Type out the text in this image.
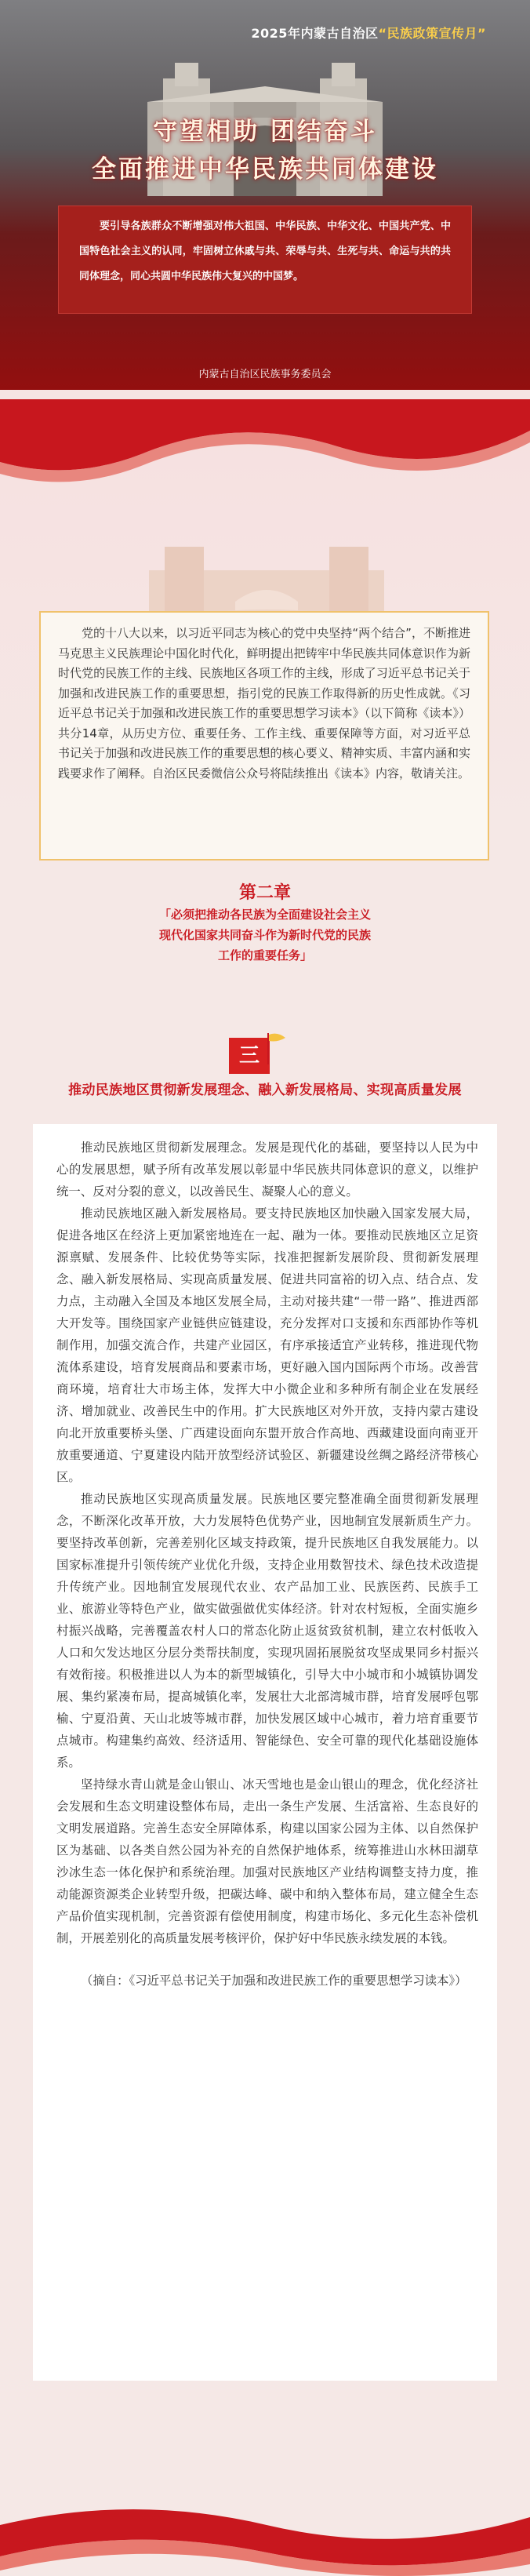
2025年内蒙古自治区“民族政策宣传月”
守望相助 团结奋斗
全面推进中华民族共同体建设
要引导各族群众不断增强对伟大祖国、中华民族、中华文化、中国共产党、中国特色社会主义的认同，牢固树立休戚与共、荣辱与共、生死与共、命运与共的共同体理念，同心共圆中华民族伟大复兴的中国梦。
内蒙古自治区民族事务委员会
党的十八大以来，以习近平同志为核心的党中央坚持“两个结合”，不断推进马克思主义民族理论中国化时代化，鲜明提出把铸牢中华民族共同体意识作为新时代党的民族工作的主线、民族地区各项工作的主线，形成了习近平总书记关于加强和改进民族工作的重要思想，指引党的民族工作取得新的历史性成就。《习近平总书记关于加强和改进民族工作的重要思想学习读本》（以下简称《读本》）共分14章，从历史方位、重要任务、工作主线、重要保障等方面，对习近平总书记关于加强和改进民族工作的重要思想的核心要义、精神实质、丰富内涵和实践要求作了阐释。自治区民委微信公众号将陆续推出《读本》内容，敬请关注。
第二章
「必须把推动各民族为全面建设社会主义
现代化国家共同奋斗作为新时代党的民族
工作的重要任务」
三
推动民族地区贯彻新发展理念、融入新发展格局、实现高质量发展

推动民族地区贯彻新发展理念。发展是现代化的基础，要坚持以人民为中心的发展思想，赋予所有改革发展以彰显中华民族共同体意识的意义，以维护统一、反对分裂的意义，以改善民生、凝聚人心的意义。

推动民族地区融入新发展格局。要支持民族地区加快融入国家发展大局，促进各地区在经济上更加紧密地连在一起、融为一体。要推动民族地区立足资源禀赋、发展条件、比较优势等实际，找准把握新发展阶段、贯彻新发展理念、融入新发展格局、实现高质量发展、促进共同富裕的切入点、结合点、发力点，主动融入全国及本地区发展全局，主动对接共建“一带一路”、推进西部大开发等。围绕国家产业链供应链建设，充分发挥对口支援和东西部协作等机制作用，加强交流合作，共建产业园区，有序承接适宜产业转移，推进现代物流体系建设，培育发展商品和要素市场，更好融入国内国际两个市场。改善营商环境，培育壮大市场主体，发挥大中小微企业和多种所有制企业在发展经济、增加就业、改善民生中的作用。扩大民族地区对外开放，支持内蒙古建设向北开放重要桥头堡、广西建设面向东盟开放合作高地、西藏建设面向南亚开放重要通道、宁夏建设内陆开放型经济试验区、新疆建设丝绸之路经济带核心区。

推动民族地区实现高质量发展。民族地区要完整准确全面贯彻新发展理念，不断深化改革开放，大力发展特色优势产业，因地制宜发展新质生产力。要坚持改革创新，完善差别化区域支持政策，提升民族地区自我发展能力。以国家标准提升引领传统产业优化升级，支持企业用数智技术、绿色技术改造提升传统产业。因地制宜发展现代农业、农产品加工业、民族医药、民族手工业、旅游业等特色产业，做实做强做优实体经济。针对农村短板，全面实施乡村振兴战略，完善覆盖农村人口的常态化防止返贫致贫机制，建立农村低收入人口和欠发达地区分层分类帮扶制度，实现巩固拓展脱贫攻坚成果同乡村振兴有效衔接。积极推进以人为本的新型城镇化，引导大中小城市和小城镇协调发展、集约紧凑布局，提高城镇化率，发展壮大北部湾城市群，培育发展呼包鄂榆、宁夏沿黄、天山北坡等城市群，加快发展区域中心城市，着力培育重要节点城市。构建集约高效、经济适用、智能绿色、安全可靠的现代化基础设施体系。

坚持绿水青山就是金山银山、冰天雪地也是金山银山的理念，优化经济社会发展和生态文明建设整体布局，走出一条生产发展、生活富裕、生态良好的文明发展道路。完善生态安全屏障体系，构建以国家公园为主体、以自然保护区为基础、以各类自然公园为补充的自然保护地体系，统筹推进山水林田湖草沙冰生态一体化保护和系统治理。加强对民族地区产业结构调整支持力度，推动能源资源类企业转型升级，把碳达峰、碳中和纳入整体布局，建立健全生态产品价值实现机制，完善资源有偿使用制度，构建市场化、多元化生态补偿机制，开展差别化的高质量发展考核评价，保护好中华民族永续发展的本钱。

（摘自：《习近平总书记关于加强和改进民族工作的重要思想学习读本》）
